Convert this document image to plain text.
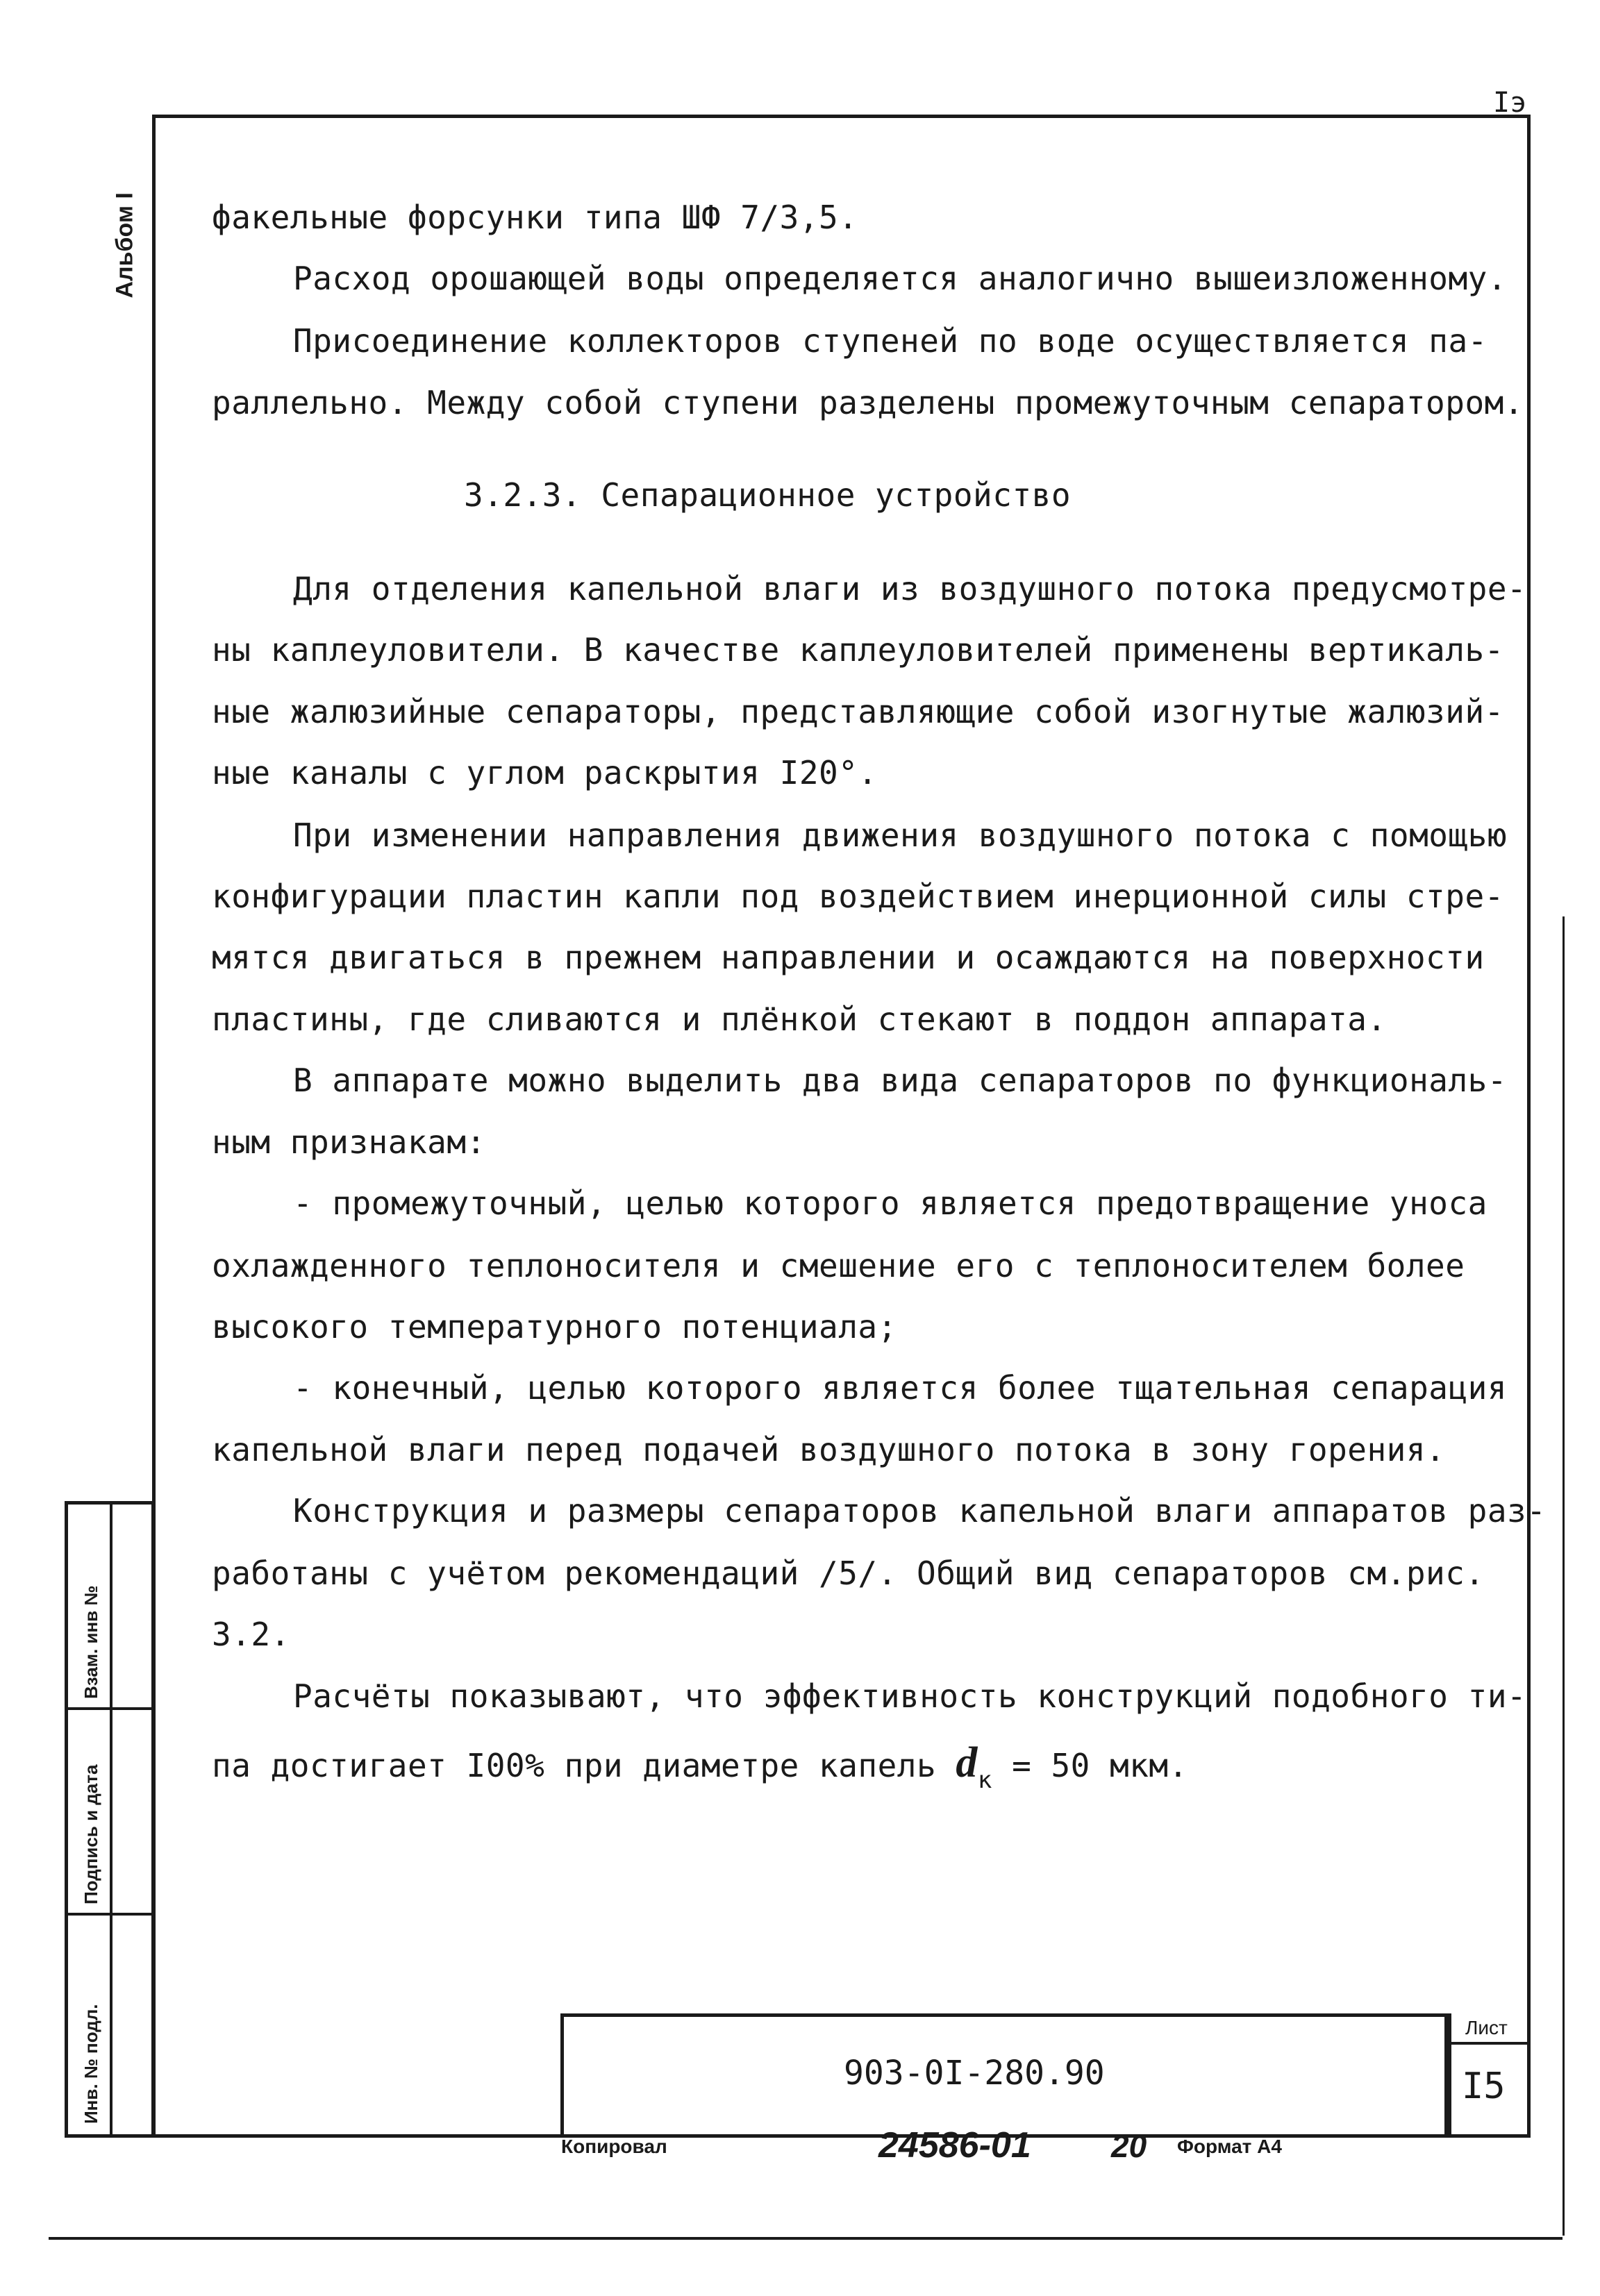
Iэ
Альбом I факельные форсунки типа ШФ 7/3,5.
Расход орошающей воды определяется аналогично вышеизложенному.
Присоединение коллекторов ступеней по воде осуществляется па-
раллельно. Между собой ступени разделены промежуточным сепаратором.
3.2.3. Сепарационное устройство
Для отделения капельной влаги из воздушного потока предусмотре-
ны каплеуловители. В качестве каплеуловителей применены вертикаль-
ные жалюзийные сепараторы, представляющие собой изогнутые жалюзий-
ные каналы с углом раскрытия I20°.
При изменении направления движения воздушного потока с помощью
конфигурации пластин капли под воздействием инерционной силы стре-
мятся двигаться в прежнем направлении и осаждаются на поверхности
пластины, где сливаются и плёнкой стекают в поддон аппарата.
В аппарате можно выделить два вида сепараторов по функциональ-
ным признакам:
- промежуточный, целью которого является предотвращение уноса
охлажденного теплоносителя и смешение его с теплоносителем более
высокого температурного потенциала;
- конечный, целью которого является более тщательная сепарация
капельной влаги перед подачей воздушного потока в зону горения.
Конструкция и размеры сепараторов капельной влаги аппаратов раз-
работаны с учётом рекомендаций /5/. Общий вид сепараторов см.рис.
3.2.
Расчёты показывают, что эффективность конструкций подобного ти-
па достигает I00% при диаметре капель $d_к = 50$ мкм.
Взам. инв №
Подпись и дата
Инв. № подл.	903-0I-280.90
Лист
I5
Копировал	24586-01	20 Формат А4
